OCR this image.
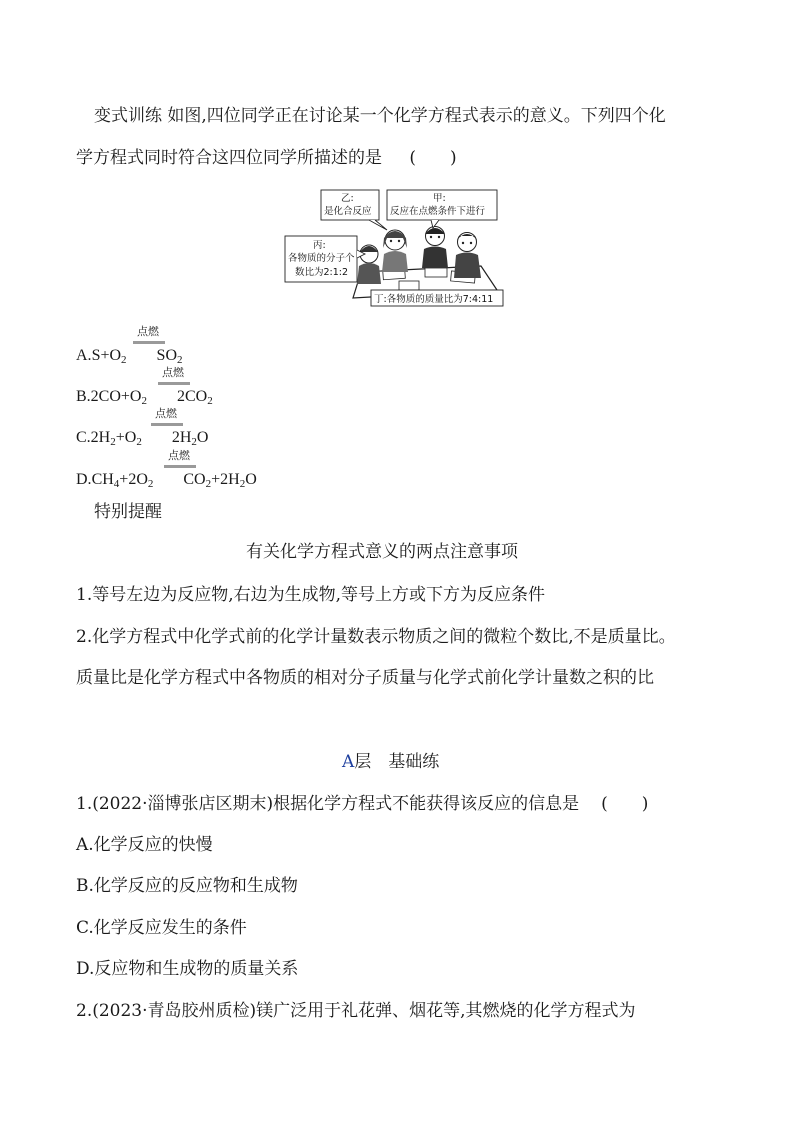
变式训练 如图,四位同学正在讨论某一个化学方程式表示的意义。下列四个化
学方程式同时符合这四位同学所描述的是 (　　)
乙:
是化合反应
甲:
反应在点燃条件下进行
丙:
各物质的分子个
数比为2:1:2
丁:各物质的质量比为7:4:11
$A.S+O_2$ $SO_2$
点燃
$B.2CO+O_2$ $2CO_2$
点燃
$C.2H_2+O_2$ $2H_2O$
点燃
$D.CH_4+2O_2$ $CO_2+2H_2O$
点燃
特别提醒
有关化学方程式意义的两点注意事项
1.等号左边为反应物,右边为生成物,等号上方或下方为反应条件
2.化学方程式中化学式前的化学计量数表示物质之间的微粒个数比,不是质量比。
质量比是化学方程式中各物质的相对分子质量与化学式前化学计量数之积的比
A层　基础练
1.(2022·淄博张店区期末)根据化学方程式不能获得该反应的信息是 (　　)
A.化学反应的快慢
B.化学反应的反应物和生成物
C.化学反应发生的条件
D.反应物和生成物的质量关系
2.(2023·青岛胶州质检)镁广泛用于礼花弹、烟花等,其燃烧的化学方程式为
